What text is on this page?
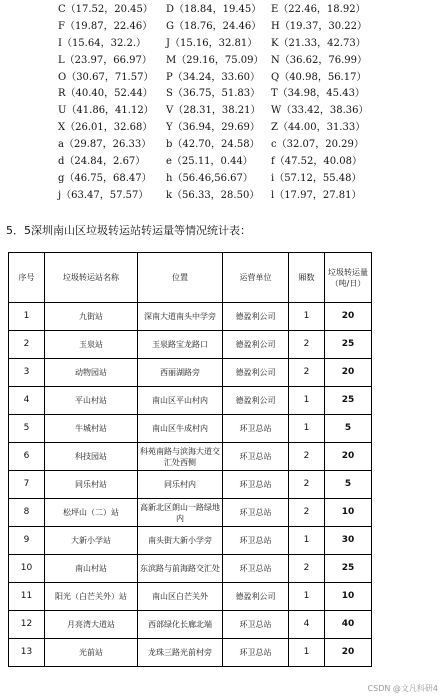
C（17.52，20.45） D（18.84，19.45） E（22.46，18.92）
F（19.87，22.46） G（18.76，24.46） H（19.37，30.22）
I（15.64，32.2.） J（15.16，32.81） K（21.33，42.73）
L（23.97，66.97） M（29.16，75.09） N（36.62，76.99）
O（30.67，71.57） P（34.24，33.60） Q（40.98，56.17）
R（40.40，52.44） S（36.75，51.83） T（34.98，45.43）
U（41.86，41.12） V（28.31，38.21） W（33.42，38.36）
X（26.01，32.68） Y（36.94，29.69） Z（44.00，31.33）
a（29.87，26.33） b（42.70，24.58） c（32.07，20.29）
d（24.84，2.67） e（25.11，0.44） f（47.52，40.08）
g（46.75，68.47） h（56.46,56.67） i（57.12，55.48）
j（63.47，57.57） k（56.33，28.50） l（17.97，27.81）
5．5深圳南山区垃圾转运站转运量等情况统计表：
序号	垃圾转运站名称	位置	运营单位	厢数	垃圾转运量（吨/日）
1	九街站	深南大道南头中学旁	德盈利公司	1	20
2	玉泉站	玉泉路宝龙路口	德盈利公司	2	25
3	动物园站	西丽湖路旁	德盈利公司	2	20
4	平山村站	南山区平山村内	德盈利公司	1	25
5	牛城村站	南山区牛成村内	环卫总站	1	5
6	科技园站	科苑南路与滨海大道交汇处西侧	环卫总站	2	20
7	同乐村站	同乐村内	环卫总站	2	5
8	松坪山（二）站	高新北区朗山一路绿地内	环卫总站	2	10
9	大新小学站	南头街大新小学旁	环卫总站	1	30
10	南山村站	东滨路与前海路交汇处	环卫总站	2	25
11	阳光（白芒关外）站	南山区白芒关外	德盈利公司	1	10
12	月亮湾大道站	西部绿化长廊北端	环卫总站	4	40
13	光前站	龙珠三路光前村旁	环卫总站	1	20
CSDN @文凡科研4
